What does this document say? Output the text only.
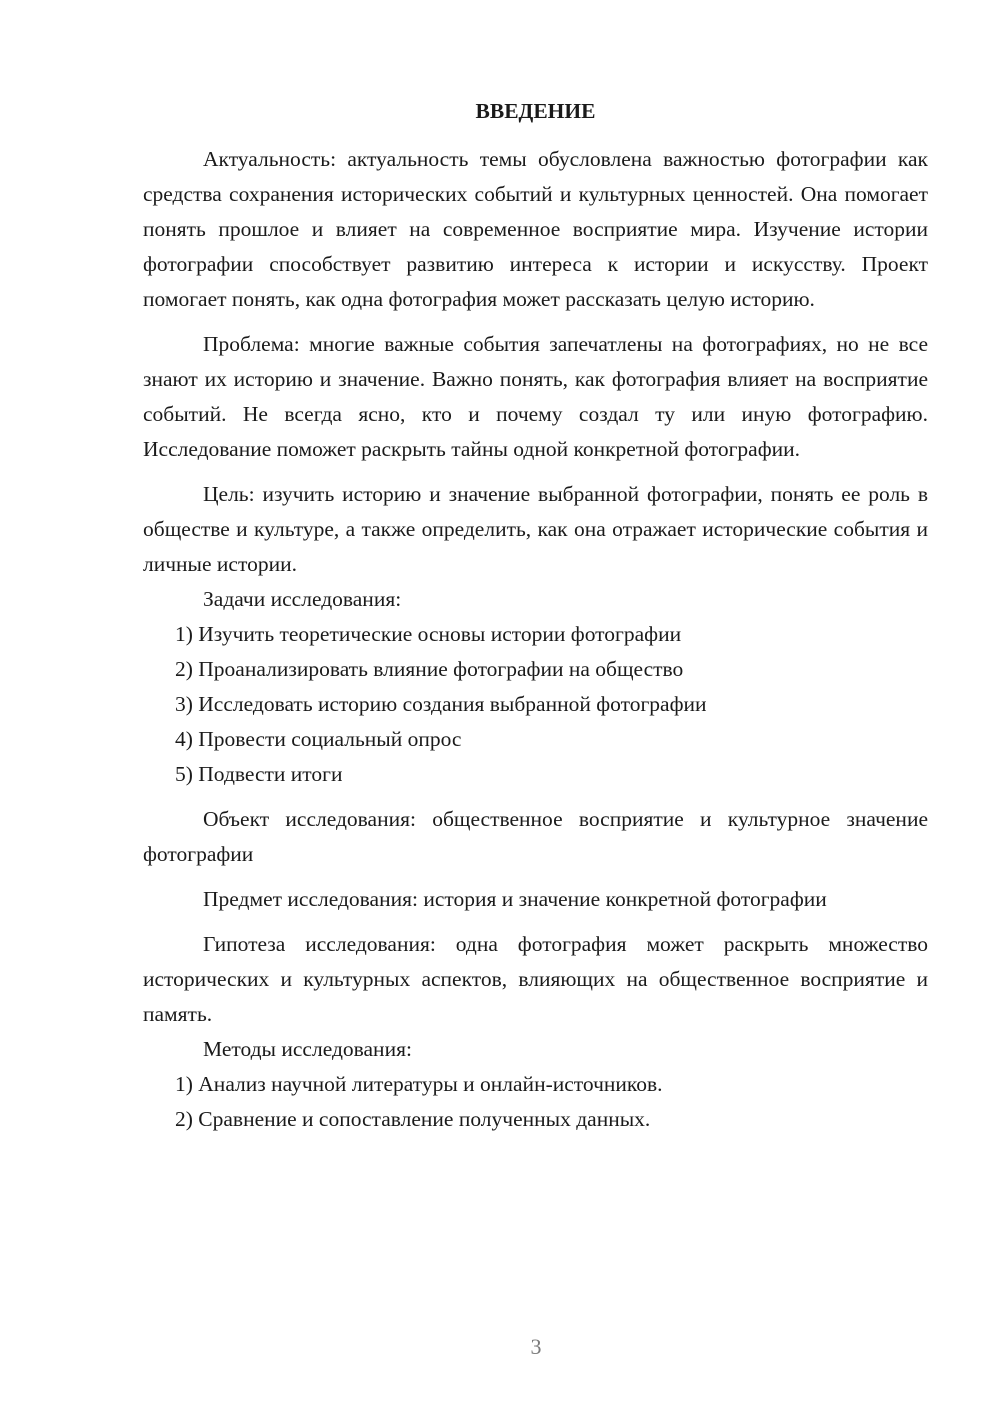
ВВЕДЕНИЕ

Актуальность: актуальность темы обусловлена важностью фотографии как средства сохранения исторических событий и культурных ценностей. Она помогает понять прошлое и влияет на современное восприятие мира. Изучение истории фотографии способствует развитию интереса к истории и искусству. Проект помогает понять, как одна фотография может рассказать целую историю.

Проблема: многие важные события запечатлены на фотографиях, но не все знают их историю и значение. Важно понять, как фотография влияет на восприятие событий. Не всегда ясно, кто и почему создал ту или иную фотографию. Исследование поможет раскрыть тайны одной конкретной фотографии.

Цель: изучить историю и значение выбранной фотографии, понять ее роль в обществе и культуре, а также определить, как она отражает исторические события и личные истории.

Задачи исследования:

1) Изучить теоретические основы истории фотографии

2) Проанализировать влияние фотографии на общество

3) Исследовать историю создания выбранной фотографии

4) Провести социальный опрос

5) Подвести итоги

Объект исследования: общественное восприятие и культурное значение фотографии

Предмет исследования: история и значение конкретной фотографии

Гипотеза исследования: одна фотография может раскрыть множество исторических и культурных аспектов, влияющих на общественное восприятие и память.

Методы исследования:

1) Анализ научной литературы и онлайн-источников.

2) Сравнение и сопоставление полученных данных.

3
